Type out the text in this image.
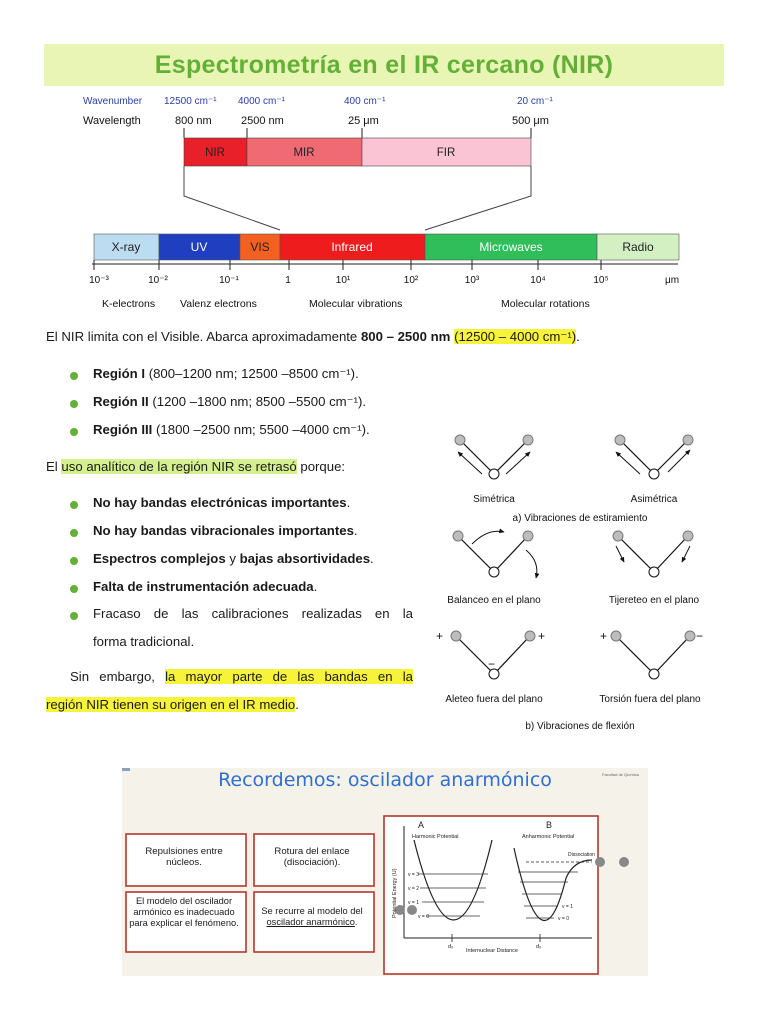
Espectrometría en el IR cercano (NIR)
Wavenumber 12500 cm⁻¹ 4000 cm⁻¹	400 cm⁻¹	20 cm⁻¹
Wavelength	800 nm	2500 nm	25 μm	500 μm
NIR	MIR	FIR
X-ray	UV	VIS	Infrared	Microwaves	Radio
10⁻³	10⁻²	10⁻¹	1	10¹	10²	10³	10⁴	10⁵	μm
K-electrons Valenz electrons	Molecular vibrations	Molecular rotations
El NIR limita con el Visible. Abarca aproximadamente 800 – 2500 nm (12500 – 4000 cm⁻¹).
Región I (800–1200 nm; 12500 –8500 cm⁻¹).
Región II (1200 –1800 nm; 8500 –5500 cm⁻¹).
Región III (1800 –2500 nm; 5500 –4000 cm⁻¹).
El uso analítico de la región NIR se retrasó porque:
No hay bandas electrónicas importantes.
No hay bandas vibracionales importantes.
Espectros complejos y bajas absortividades.
Falta de instrumentación adecuada.
Fracaso de las calibraciones realizadas en la
forma tradicional.
Sin embargo, la mayor parte de las bandas en la
región NIR tienen su origen en el IR medio.
Simétrica	Asimétrica
a) Vibraciones de estiramiento
Balanceo en el plano	Tijereteo en el plano
+	+
−
+	−
Aleteo fuera del plano	Torsión fuera del plano
b) Vibraciones de flexión
Recordemos: oscilador anarmónico	Facultad de Química
A	B
Harmonic Potential	Anharmonic Potential
Potential Energy (U)
Internuclear Distance
Dissociation
v = 3
v = 2
v = 1
v = 0
v = 1
v = 0
d₀	d₀
Repulsiones entre núcleos.
Rotura del enlace (disociación).
El modelo del oscilador armónico es inadecuado para explicar el fenómeno.
Se recurre al modelo del oscilador anarmónico.
